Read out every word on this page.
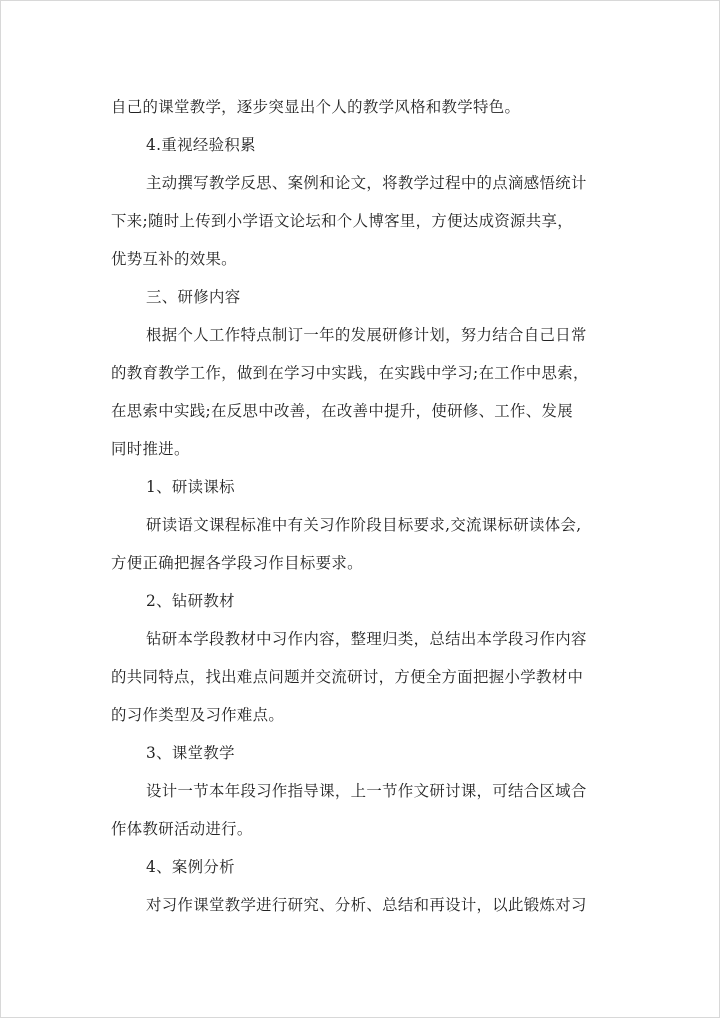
自己的课堂教学，逐步突显出个人的教学风格和教学特色。
4.重视经验积累
主动撰写教学反思、案例和论文，将教学过程中的点滴感悟统计
下来;随时上传到小学语文论坛和个人博客里，方便达成资源共享，
优势互补的效果。
三、研修内容
根据个人工作特点制订一年的发展研修计划，努力结合自己日常
的教育教学工作，做到在学习中实践，在实践中学习;在工作中思索，
在思索中实践;在反思中改善，在改善中提升，使研修、工作、发展
同时推进。
1、研读课标
研读语文课程标准中有关习作阶段目标要求,交流课标研读体会,
方便正确把握各学段习作目标要求。
2、钻研教材
钻研本学段教材中习作内容，整理归类，总结出本学段习作内容
的共同特点，找出难点问题并交流研讨，方便全方面把握小学教材中
的习作类型及习作难点。
3、课堂教学
设计一节本年段习作指导课，上一节作文研讨课，可结合区域合
作体教研活动进行。
4、案例分析
对习作课堂教学进行研究、分析、总结和再设计，以此锻炼对习
